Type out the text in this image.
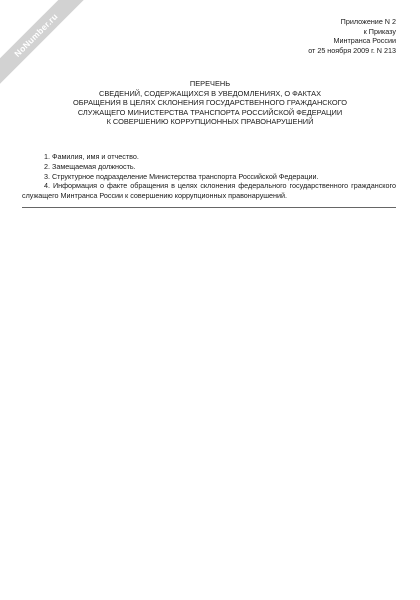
NoNumber.ru	Приложение N 2
к Приказу
Минтранса России
от 25 ноября 2009 г. N 213
ПЕРЕЧЕНЬ
СВЕДЕНИЙ, СОДЕРЖАЩИХСЯ В УВЕДОМЛЕНИЯХ, О ФАКТАХ
ОБРАЩЕНИЯ В ЦЕЛЯХ СКЛОНЕНИЯ ГОСУДАРСТВЕННОГО ГРАЖДАНСКОГО
СЛУЖАЩЕГО МИНИСТЕРСТВА ТРАНСПОРТА РОССИЙСКОЙ ФЕДЕРАЦИИ
К СОВЕРШЕНИЮ КОРРУПЦИОННЫХ ПРАВОНАРУШЕНИЙ
1. Фамилия, имя и отчество.
2. Замещаемая должность.
3. Структурное подразделение Министерства транспорта Российской Федерации.
4. Информация о факте обращения в целях склонения федерального государственного гражданского служащего Минтранса России к совершению коррупционных правонарушений.
